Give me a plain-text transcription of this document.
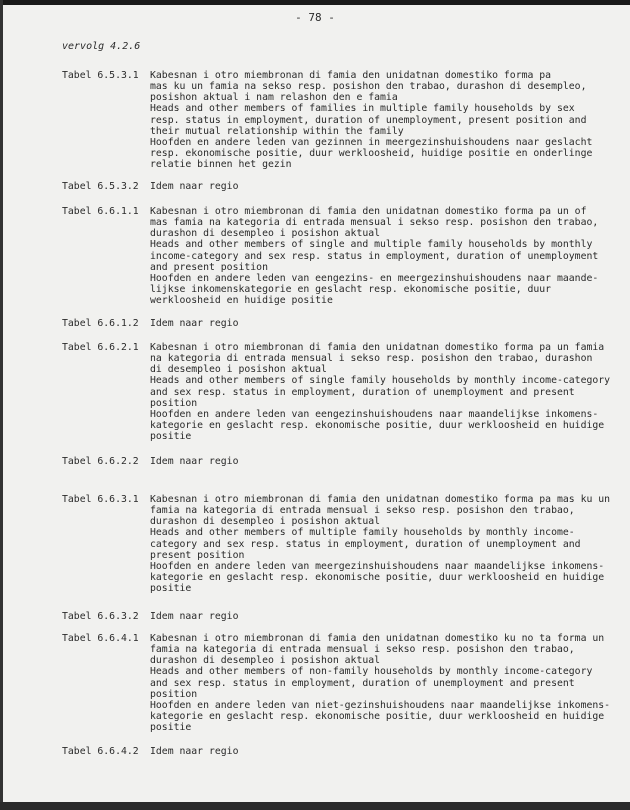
- 78 -
vervolg 4.2.6
Tabel 6.5.3.1 Kabesnan i otro miembronan di famia den unidatnan domestiko forma pa
mas ku un famia na sekso resp. posishon den trabao, durashon di desempleo,
posishon aktual i nam relashon den e famia
Heads and other members of families in multiple family households by sex
resp. status in employment, duration of unemployment, present position and
their mutual relationship within the family
Hoofden en andere leden van gezinnen in meergezinshuishoudens naar geslacht
resp. ekonomische positie, duur werkloosheid, huidige positie en onderlinge
relatie binnen het gezin
Tabel 6.5.3.2 Idem naar regio
Tabel 6.6.1.1 Kabesnan i otro miembronan di famia den unidatnan domestiko forma pa un of
mas famia na kategoria di entrada mensual i sekso resp. posishon den trabao,
durashon di desempleo i posishon aktual
Heads and other members of single and multiple family households by monthly
income-category and sex resp. status in employment, duration of unemployment
and present position
Hoofden en andere leden van eengezins- en meergezinshuishoudens naar maande-
lijkse inkomenskategorie en geslacht resp. ekonomische positie, duur
werkloosheid en huidige positie
Tabel 6.6.1.2 Idem naar regio
Tabel 6.6.2.1 Kabesnan i otro miembronan di famia den unidatnan domestiko forma pa un famia
na kategoria di entrada mensual i sekso resp. posishon den trabao, durashon
di desempleo i posishon aktual
Heads and other members of single family households by monthly income-category
and sex resp. status in employment, duration of unemployment and present
position
Hoofden en andere leden van eengezinshuishoudens naar maandelijkse inkomens-
kategorie en geslacht resp. ekonomische positie, duur werkloosheid en huidige
positie
Tabel 6.6.2.2 Idem naar regio
Tabel 6.6.3.1 Kabesnan i otro miembronan di famia den unidatnan domestiko forma pa mas ku un
famia na kategoria di entrada mensual i sekso resp. posishon den trabao,
durashon di desempleo i posishon aktual
Heads and other members of multiple family households by monthly income-
category and sex resp. status in employment, duration of unemployment and
present position
Hoofden en andere leden van meergezinshuishoudens naar maandelijkse inkomens-
kategorie en geslacht resp. ekonomische positie, duur werkloosheid en huidige
positie
Tabel 6.6.3.2 Idem naar regio
Tabel 6.6.4.1 Kabesnan i otro miembronan di famia den unidatnan domestiko ku no ta forma un
famia na kategoria di entrada mensual i sekso resp. posishon den trabao,
durashon di desempleo i posishon aktual
Heads and other members of non-family households by monthly income-category
and sex resp. status in employment, duration of unemployment and present
position
Hoofden en andere leden van niet-gezinshuishoudens naar maandelijkse inkomens-
kategorie en geslacht resp. ekonomische positie, duur werkloosheid en huidige
positie
Tabel 6.6.4.2 Idem naar regio
